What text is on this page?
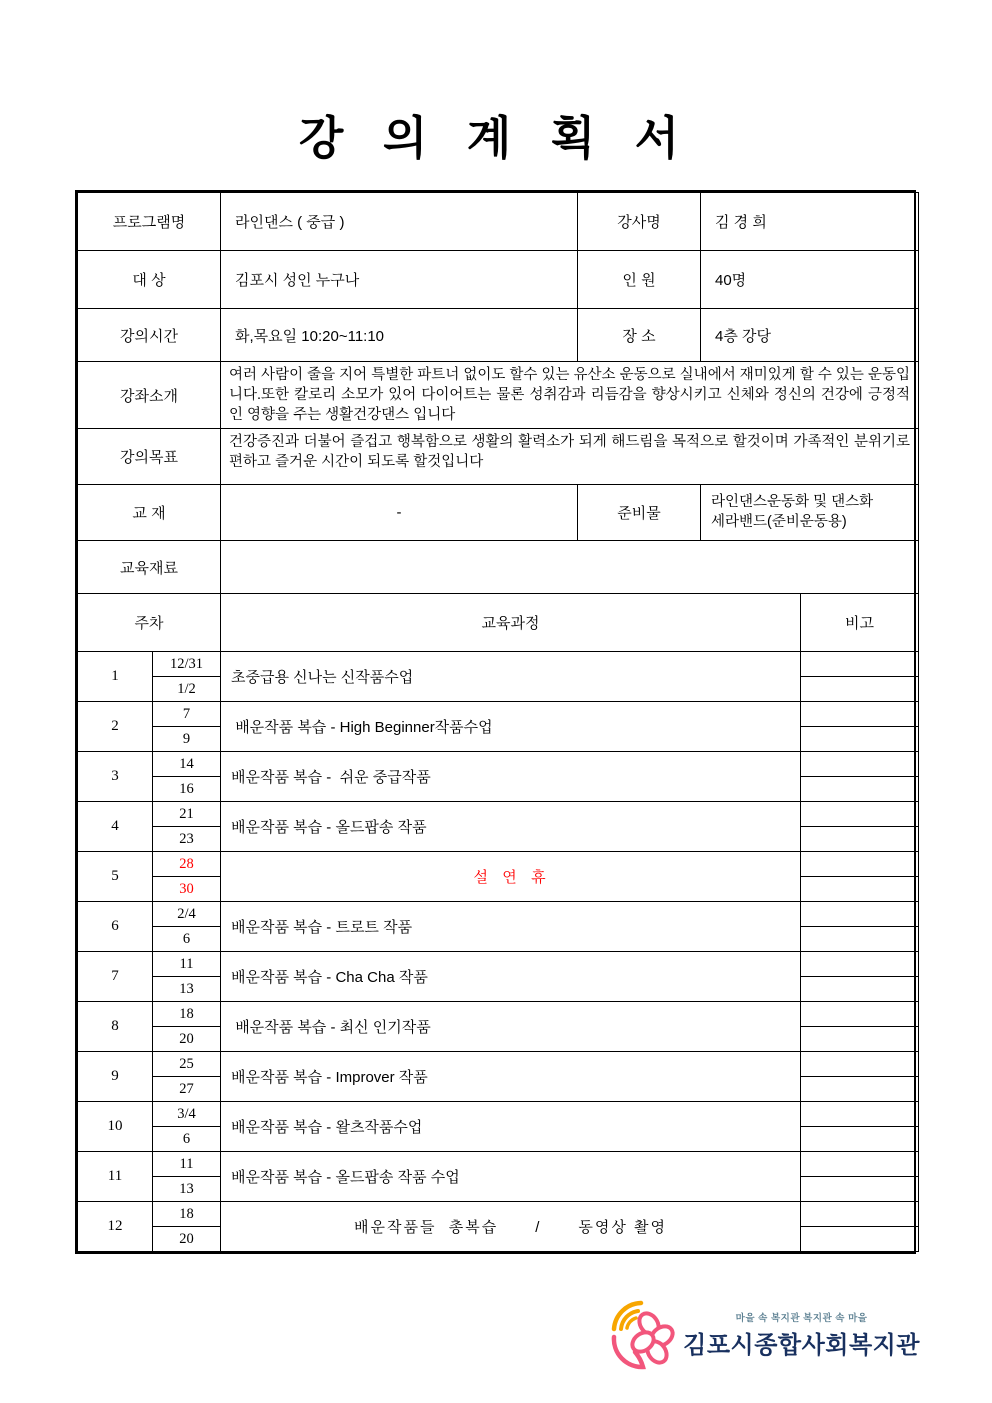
강 의 계 획 서
프로그램명	라인댄스 ( 중급 )	강사명	김 경 희
대 상	김포시 성인 누구나	인 원	40명
강의시간	화,목요일 10:20~11:10	장 소	4층 강당
강좌소개	여러 사람이 줄을 지어 특별한 파트너 없이도 할수 있는 유산소 운동으로 실내에서 재미있게 할 수 있는 운동입니다.또한 칼로리 소모가 있어 다이어트는 물론 성취감과 리듬감을 향상시키고 신체와 정신의 건강에 긍정적인 영향을 주는 생활건강댄스 입니다		
강의목표	건강증진과 더불어 즐겁고 행복함으로 생활의 활력소가 되게 해드림을 목적으로 할것이며 가족적인 분위기로 편하고 즐거운 시간이 되도록 할것입니다		
교 재	-	준비물	라인댄스운동화 및 댄스화
세라밴드(준비운동용)

교육재료			
주차		교육과정	비고
1	12/31	초중급용 신나는 신작품수업	
	1/2		
2	7	배운작품 복습 - High Beginner작품수업	
	9		
3	14	배운작품 복습 -  쉬운 중급작품	
	16		
4	21	배운작품 복습 - 올드팝송 작품	
	23		
5	28	설  연  휴	
	30		
6	2/4	배운작품 복습 - 트로트 작품	
	6		
7	11	배운작품 복습 - Cha Cha 작품	
	13		
8	18	배운작품 복습 - 최신 인기작품	
	20		
9	25	배운작품 복습 - Improver 작품	
	27		
10	3/4	배운작품 복습 - 왈츠작품수업	
	6		
11	11	배운작품 복습 - 올드팝송 작품 수업	
	13		
12	18	배운작품들  총복습      /      동영상 촬영	
	20		
마을 속 복지관 복지관 속 마을
김포시종합사회복지관
